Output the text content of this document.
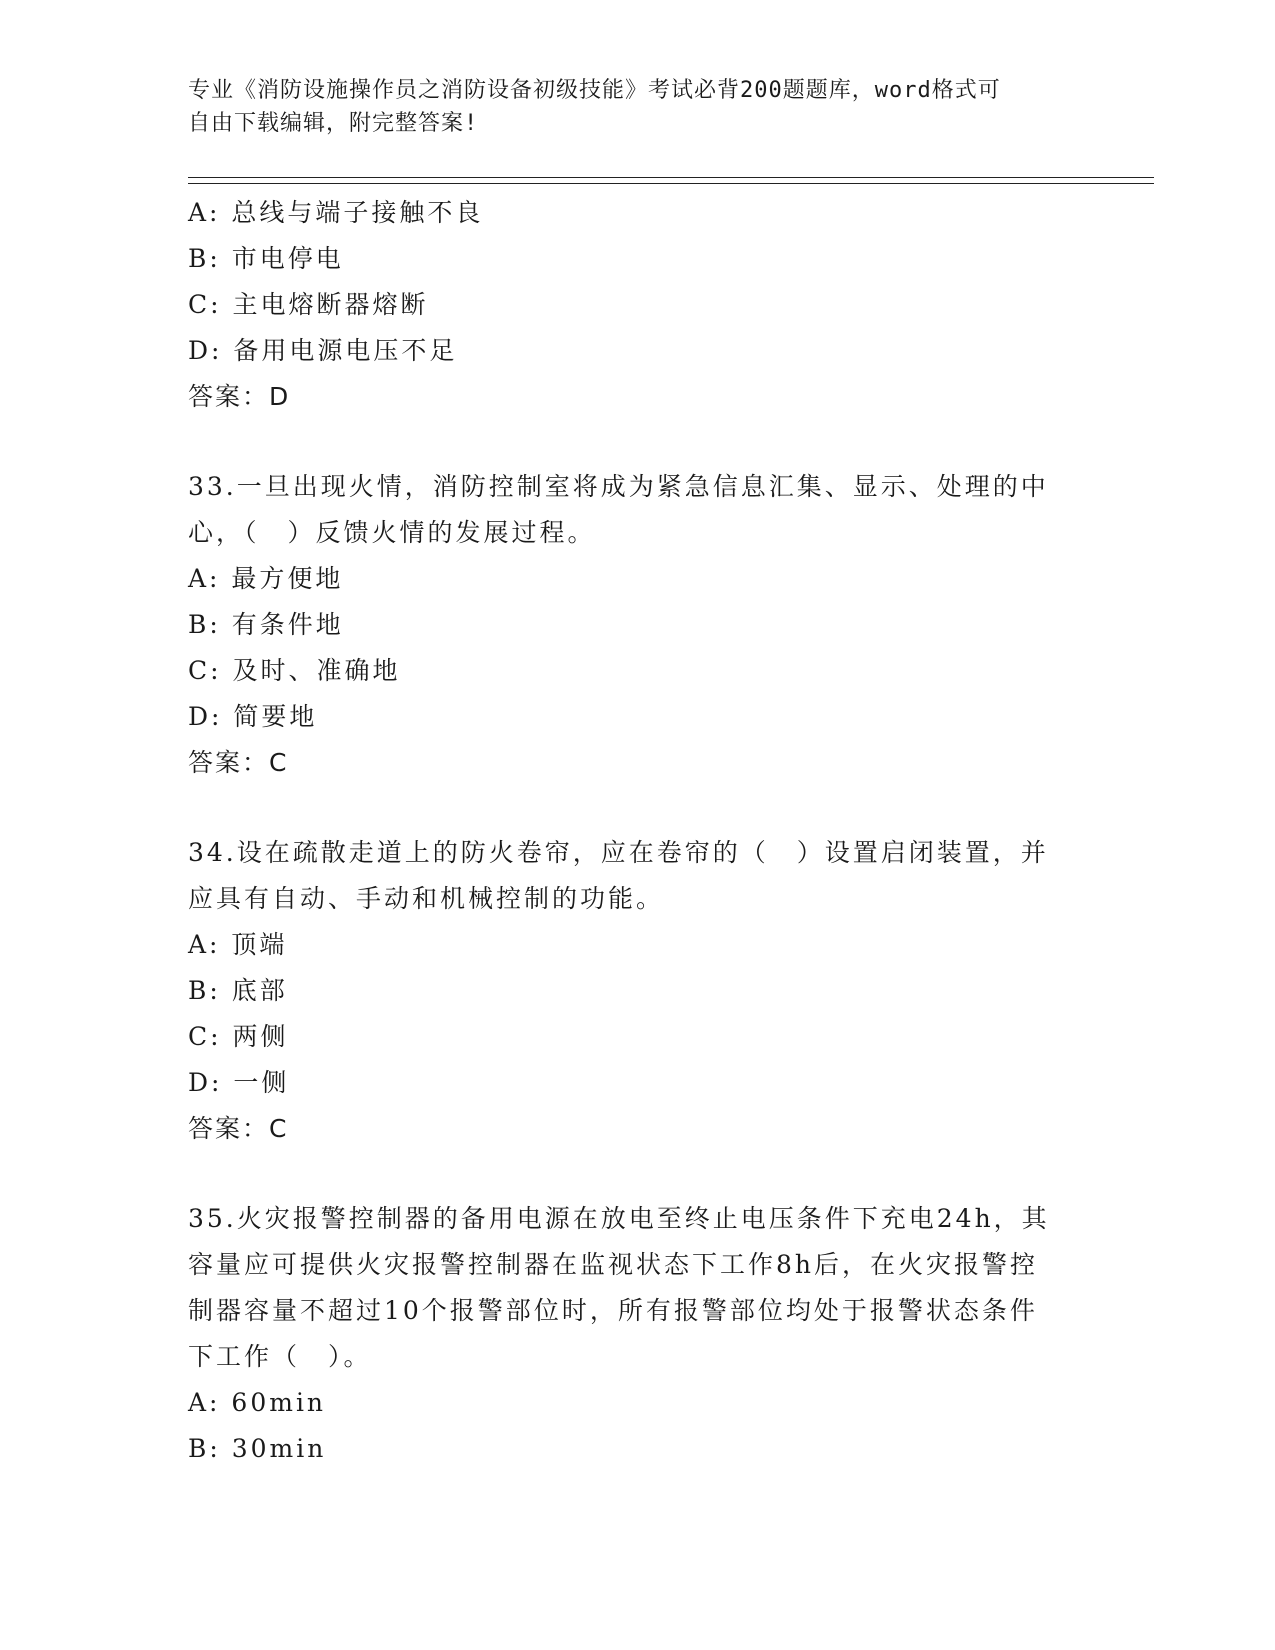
专业《消防设施操作员之消防设备初级技能》考试必背200题题库，word格式可
自由下载编辑，附完整答案!
A: 总线与端子接触不良
B: 市电停电
C: 主电熔断器熔断
D: 备用电源电压不足
答案：D
33.一旦出现火情，消防控制室将成为紧急信息汇集、显示、处理的中
心，（　）反馈火情的发展过程。
A: 最方便地
B: 有条件地
C: 及时、准确地
D: 简要地
答案：C
34.设在疏散走道上的防火卷帘，应在卷帘的（　）设置启闭装置，并
应具有自动、手动和机械控制的功能。
A: 顶端
B: 底部
C: 两侧
D: 一侧
答案：C
35.火灾报警控制器的备用电源在放电至终止电压条件下充电24h，其
容量应可提供火灾报警控制器在监视状态下工作8h后，在火灾报警控
制器容量不超过10个报警部位时，所有报警部位均处于报警状态条件
下工作（　）。
A: 60min
B: 30min
